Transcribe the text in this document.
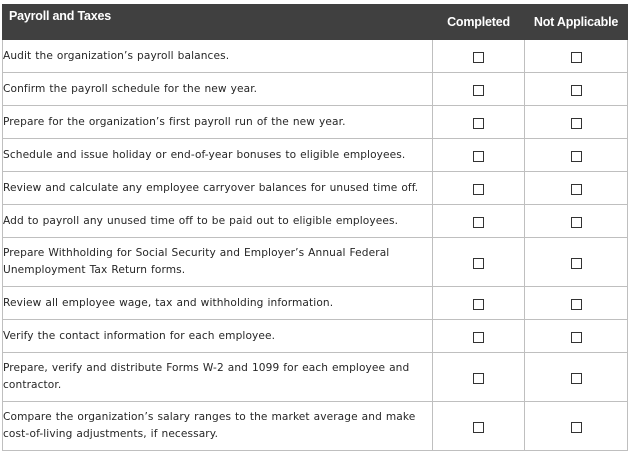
Payroll and Taxes	Completed	Not Applicable
Audit the organization’s payroll balances.		
Confirm the payroll schedule for the new year.		
Prepare for the organization’s first payroll run of the new year.		
Schedule and issue holiday or end-of-year bonuses to eligible employees.		
Review and calculate any employee carryover balances for unused time off.		
Add to payroll any unused time off to be paid out to eligible employees.		
Prepare Withholding for Social Security and Employer’s Annual Federal Unemployment Tax Return forms.		
Review all employee wage, tax and withholding information.		
Verify the contact information for each employee.		
Prepare, verify and distribute Forms W-2 and 1099 for each employee and contractor.		
Compare the organization’s salary ranges to the market average and make cost-of-living adjustments, if necessary.		
